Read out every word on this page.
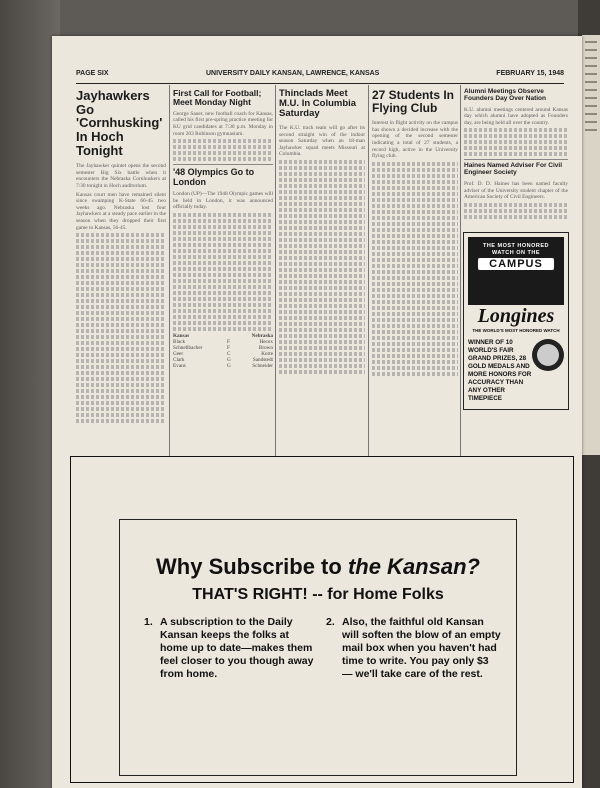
PAGE SIX	UNIVERSITY DAILY KANSAN, LAWRENCE, KANSAS	FEBRUARY 15, 1948
Jayhawkers Go 'Cornhusking' In Hoch Tonight

The Jayhawker quintet opens the second semester Big Six battle when it encounters the Nebraska Cornhuskers at 7:30 tonight in Hoch auditorium.

Kansas court men have remained silent since swamping K-State 66-45 two weeks ago. Nebraska lost four Jayhawkers at a steady pace earlier in the season when they dropped their first game to Kansas, 56-45.

First Call for Football; Meet Monday Night

George Sauer, new football coach for Kansas, called his first pre-spring practice meeting for KU grid candidates at 7:30 p.m. Monday in room 203 Robinson gymnasium.

'48 Olympics Go to London

London (UP)—The 1948 Olympic games will be held in London, it was announced officially today.

Kansas		Nebraska
Black	F	Hecox
Schnellbacher	F	Brown
Geer	C	Korte
Clark	G	Sandstedt
Evans	G	Schneider
Thinclads Meet M.U. In Columbia Saturday

The K.U. track team will go after its second straight win of the indoor season Saturday when an 18-man Jayhawker squad meets Missouri at Columbia.

27 Students In Flying Club

Interest in flight activity on the campus has shown a decided increase with the opening of the second semester indicating a total of 27 students, a record high, active in the University flying club.

Alumni Meetings Observe Founders Day Over Nation

K.U. alumni meetings centered around Kansas day which alumni have adopted as Founders day, are being held all over the country.

Haines Named Adviser For Civil Engineer Society

Prof. D. D. Haines has been named faculty adviser of the University student chapter of the American Society of Civil Engineers.

THE MOST HONORED
WATCH ON THE
CAMPUS
Longines
THE WORLD'S MOST HONORED WATCH
WINNER OF 10 WORLD'S FAIR GRAND PRIZES, 28 GOLD MEDALS AND MORE HONORS FOR ACCURACY THAN ANY OTHER TIMEPIECE
Why Subscribe to the Kansan?
THAT'S RIGHT! -- for Home Folks
1. A subscription to the Daily Kansan keeps the folks at home up to date—makes them feel closer to you though away from home.
2. Also, the faithful old Kansan will soften the blow of an empty mail box when you haven't had time to write. You pay only $3 — we'll take care of the rest.
